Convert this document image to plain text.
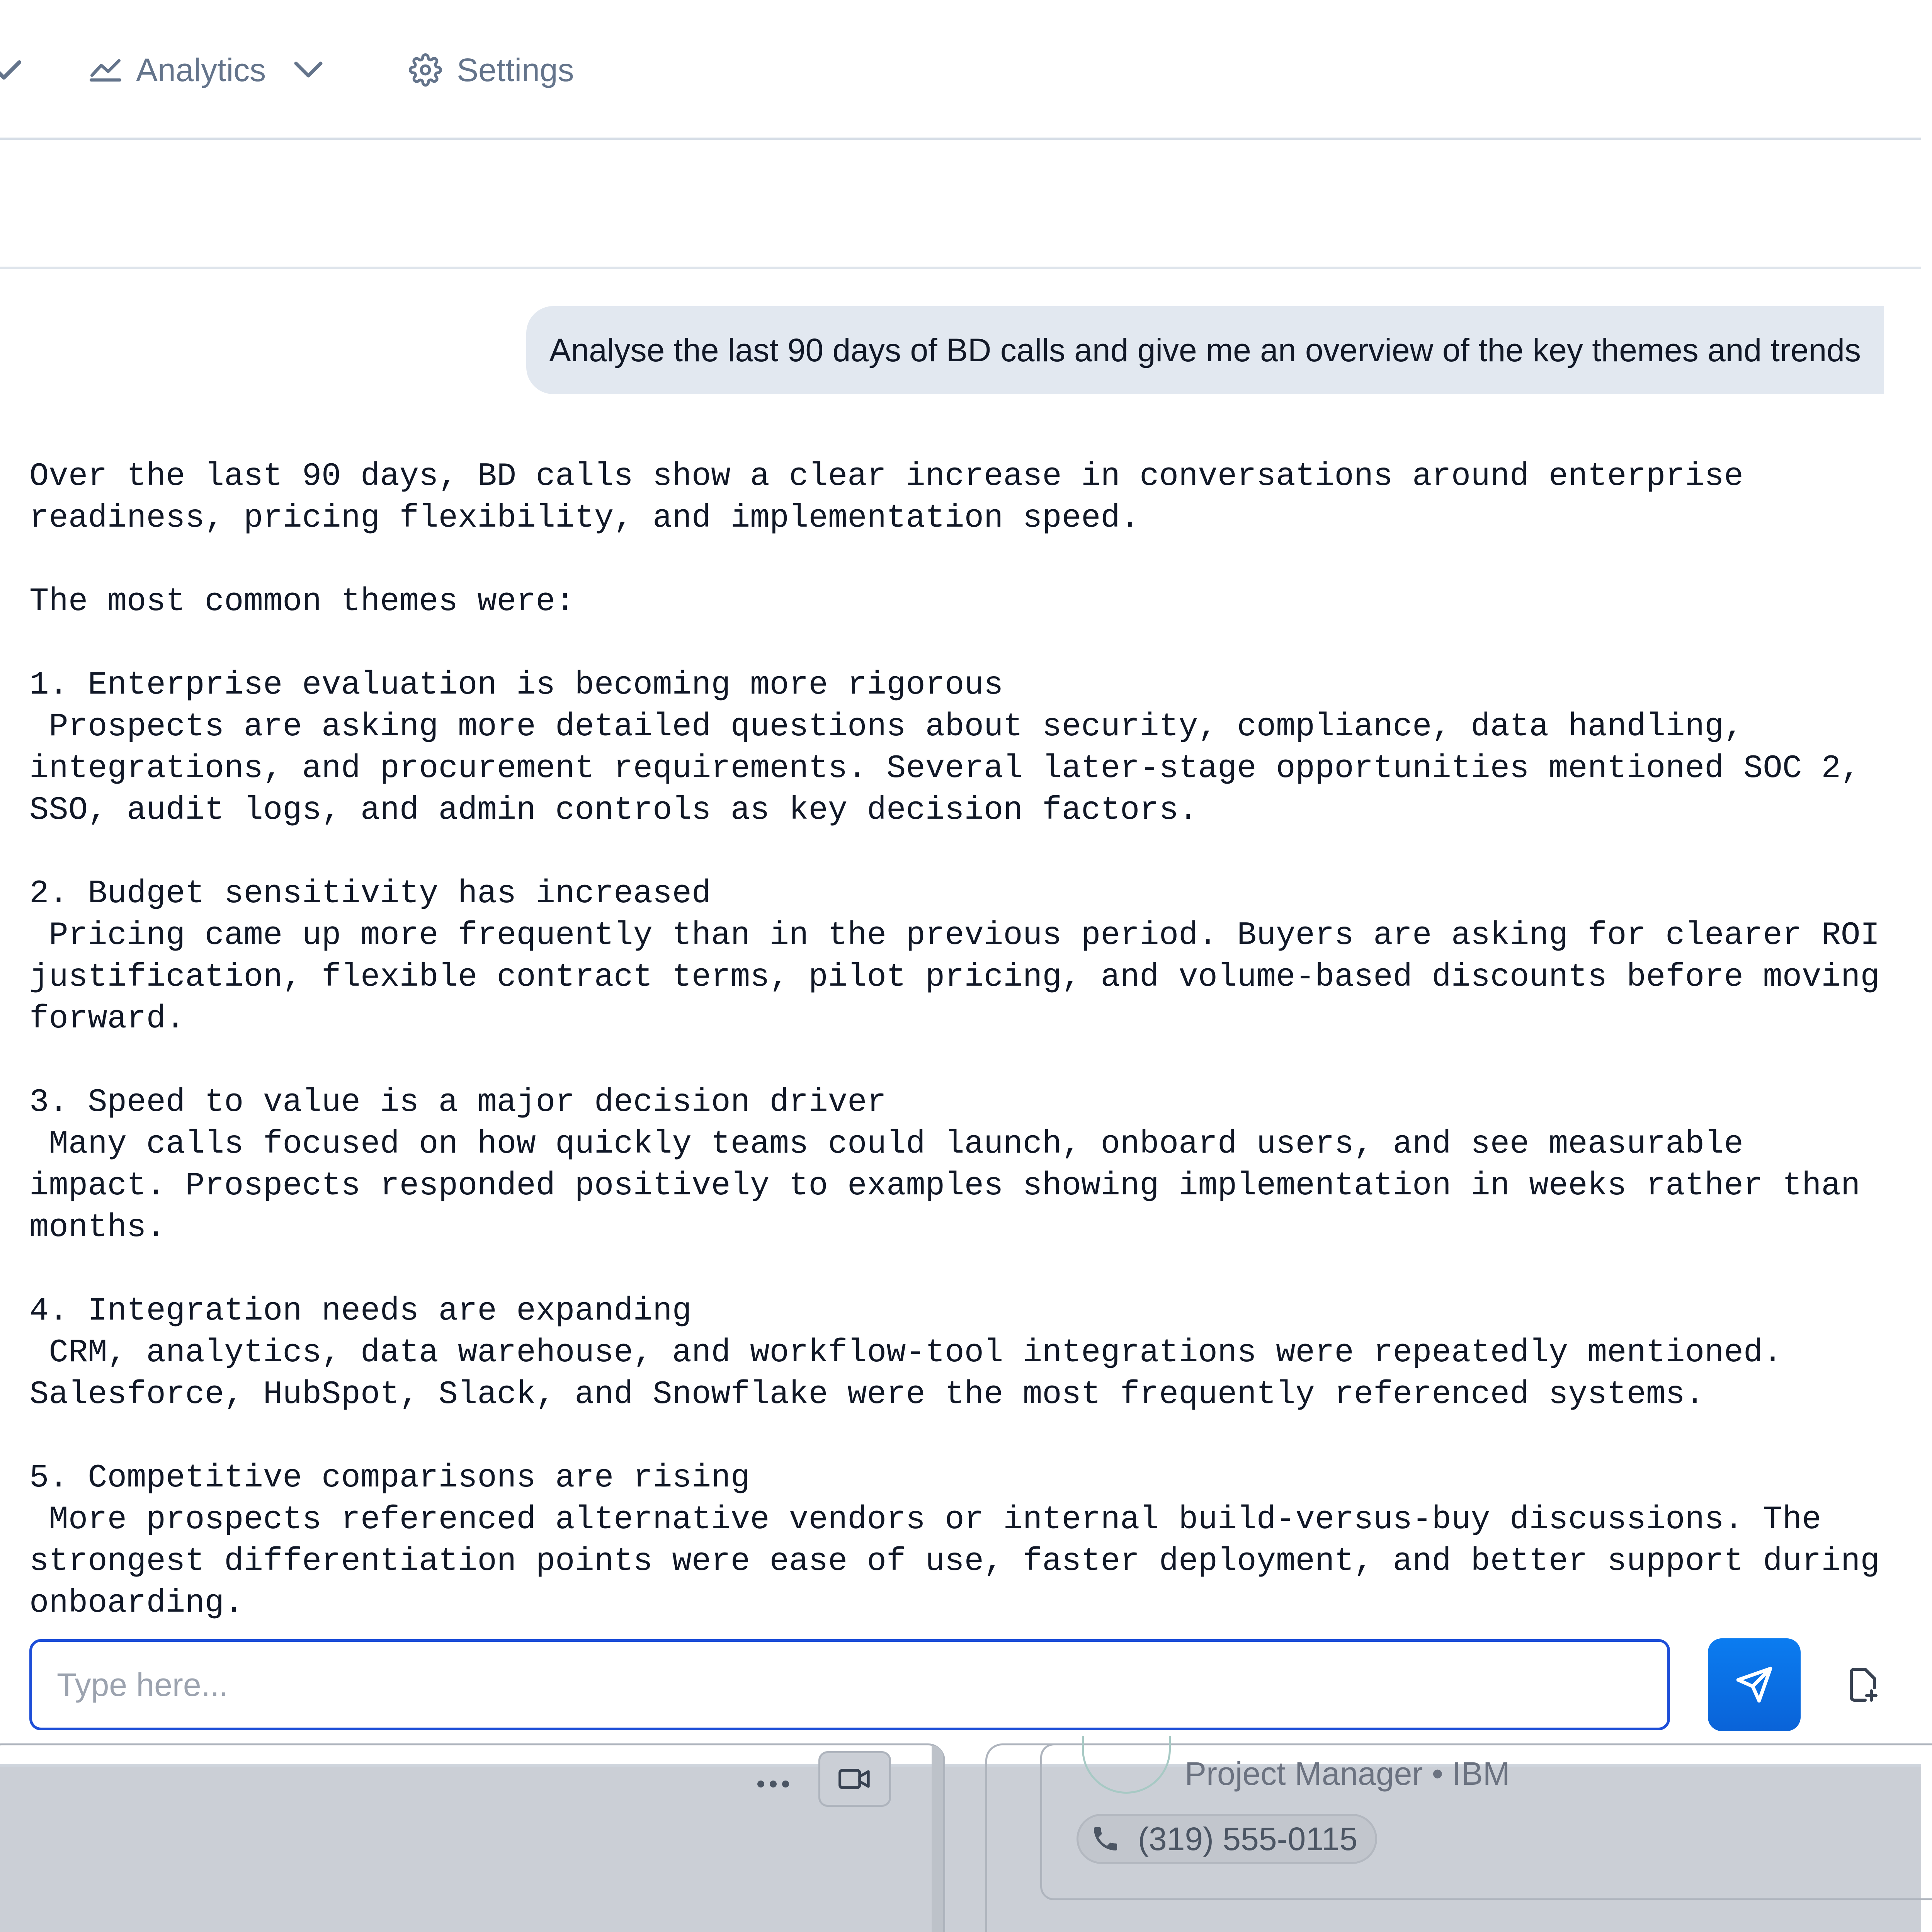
Analytics	Settings
Analyse the last 90 days of BD calls and give me an overview of the key themes and trends
Over the last 90 days, BD calls show a clear increase in conversations around enterprise readiness, pricing flexibility, and implementation speed.

The most common themes were:

1. Enterprise evaluation is becoming more rigorous
Prospects are asking more detailed questions about security, compliance, data handling, integrations, and procurement requirements. Several later-stage opportunities mentioned SOC 2, SSO, audit logs, and admin controls as key decision factors.

2. Budget sensitivity has increased
Pricing came up more frequently than in the previous period. Buyers are asking for clearer ROI justification, flexible contract terms, pilot pricing, and volume-based discounts before moving forward.

3. Speed to value is a major decision driver
Many calls focused on how quickly teams could launch, onboard users, and see measurable impact. Prospects responded positively to examples showing implementation in weeks rather than months.

4. Integration needs are expanding
CRM, analytics, data warehouse, and workflow-tool integrations were repeatedly mentioned. Salesforce, HubSpot, Slack, and Snowflake were the most frequently referenced systems.

5. Competitive comparisons are rising
More prospects referenced alternative vendors or internal build-versus-buy discussions. The strongest differentiation points were ease of use, faster deployment, and better support during onboarding.

Type here...
Project Manager • IBM
(319) 555-0115
